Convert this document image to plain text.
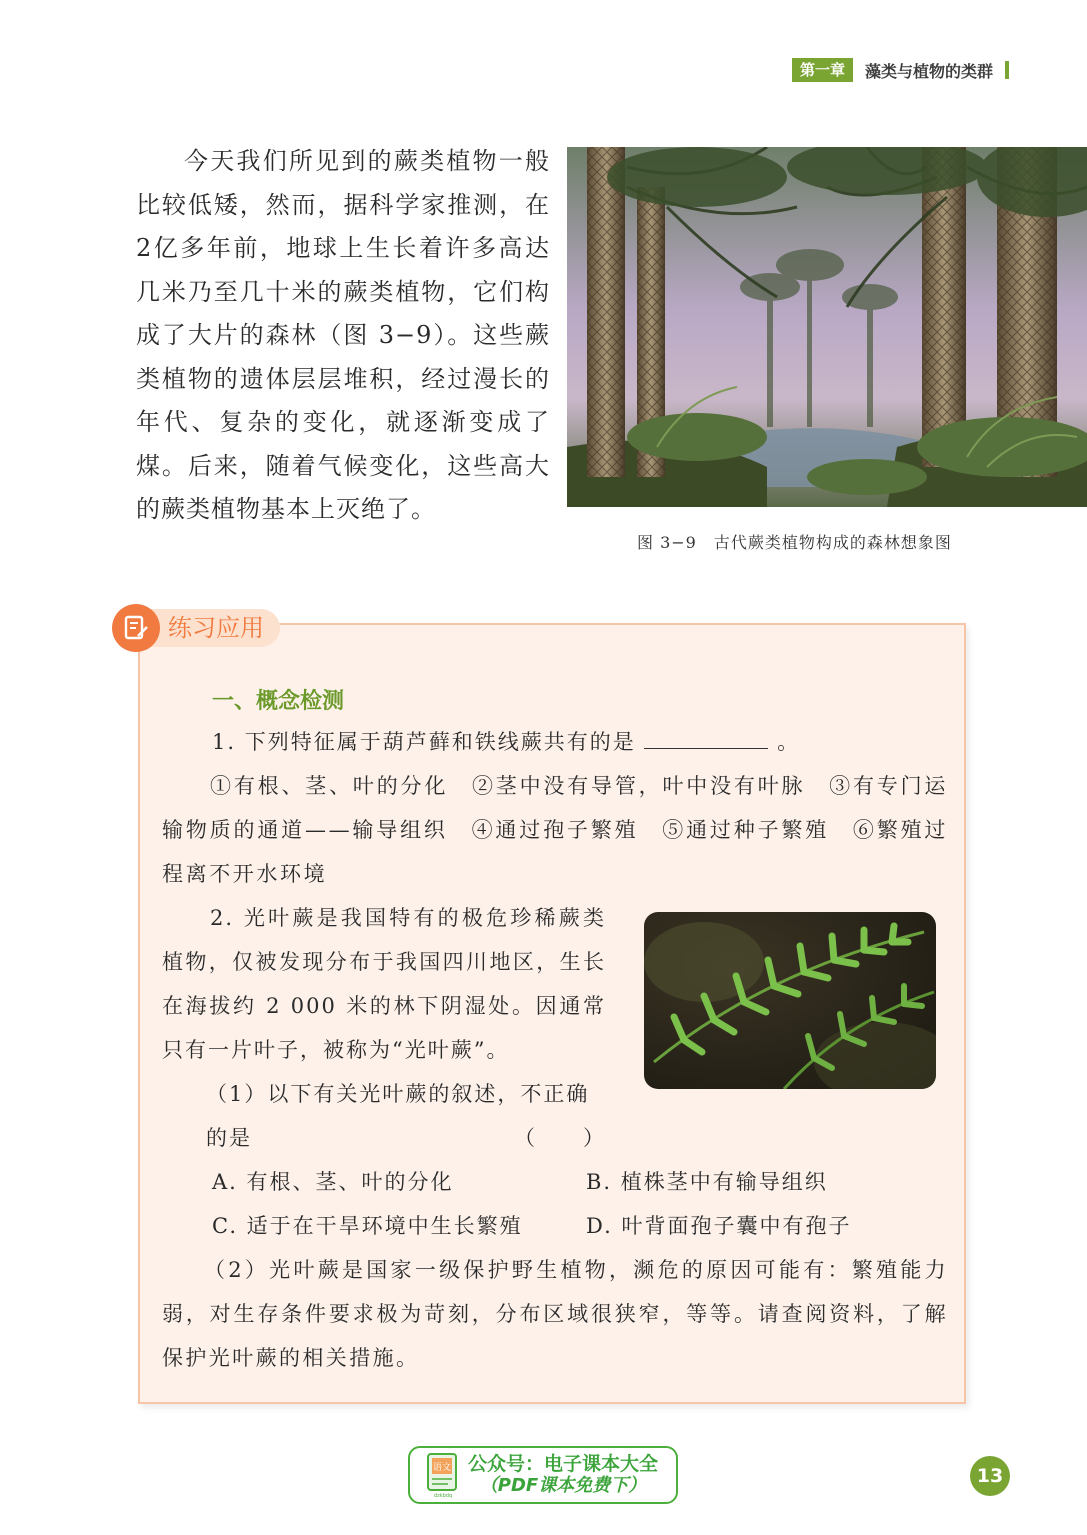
第一章	藻类与植物的类群

今天我们所见到的蕨类植物一般比较低矮，然而，据科学家推测，在2亿多年前，地球上生长着许多高达几米乃至几十米的蕨类植物，它们构成了大片的森林（图 3−9）。这些蕨类植物的遗体层层堆积，经过漫长的年代、复杂的变化，就逐渐变成了煤。后来，随着气候变化，这些高大的蕨类植物基本上灭绝了。

图 3−9　古代蕨类植物构成的森林想象图
练习应用
一、概念检测

1. 下列特征属于葫芦藓和铁线蕨共有的是	。

①有根、茎、叶的分化　②茎中没有导管，叶中没有叶脉　③有专门运输物质的通道——输导组织　④通过孢子繁殖　⑤通过种子繁殖　⑥繁殖过程离不开水环境

2. 光叶蕨是我国特有的极危珍稀蕨类植物，仅被发现分布于我国四川地区，生长在海拔约 2 000 米的林下阴湿处。因通常只有一片叶子，被称为“光叶蕨”。

（1）以下有关光叶蕨的叙述，不正确的是	（　　）
A. 有根、茎、叶的分化	B. 植株茎中有输导组织
C. 适于在干旱环境中生长繁殖	D. 叶背面孢子囊中有孢子

（2）光叶蕨是国家一级保护野生植物，濒危的原因可能有：繁殖能力弱，对生存条件要求极为苛刻，分布区域很狭窄，等等。请查阅资料，了解保护光叶蕨的相关措施。

语文
dzkbdq
公众号：电子课本大全
（PDF课本免费下）	13
